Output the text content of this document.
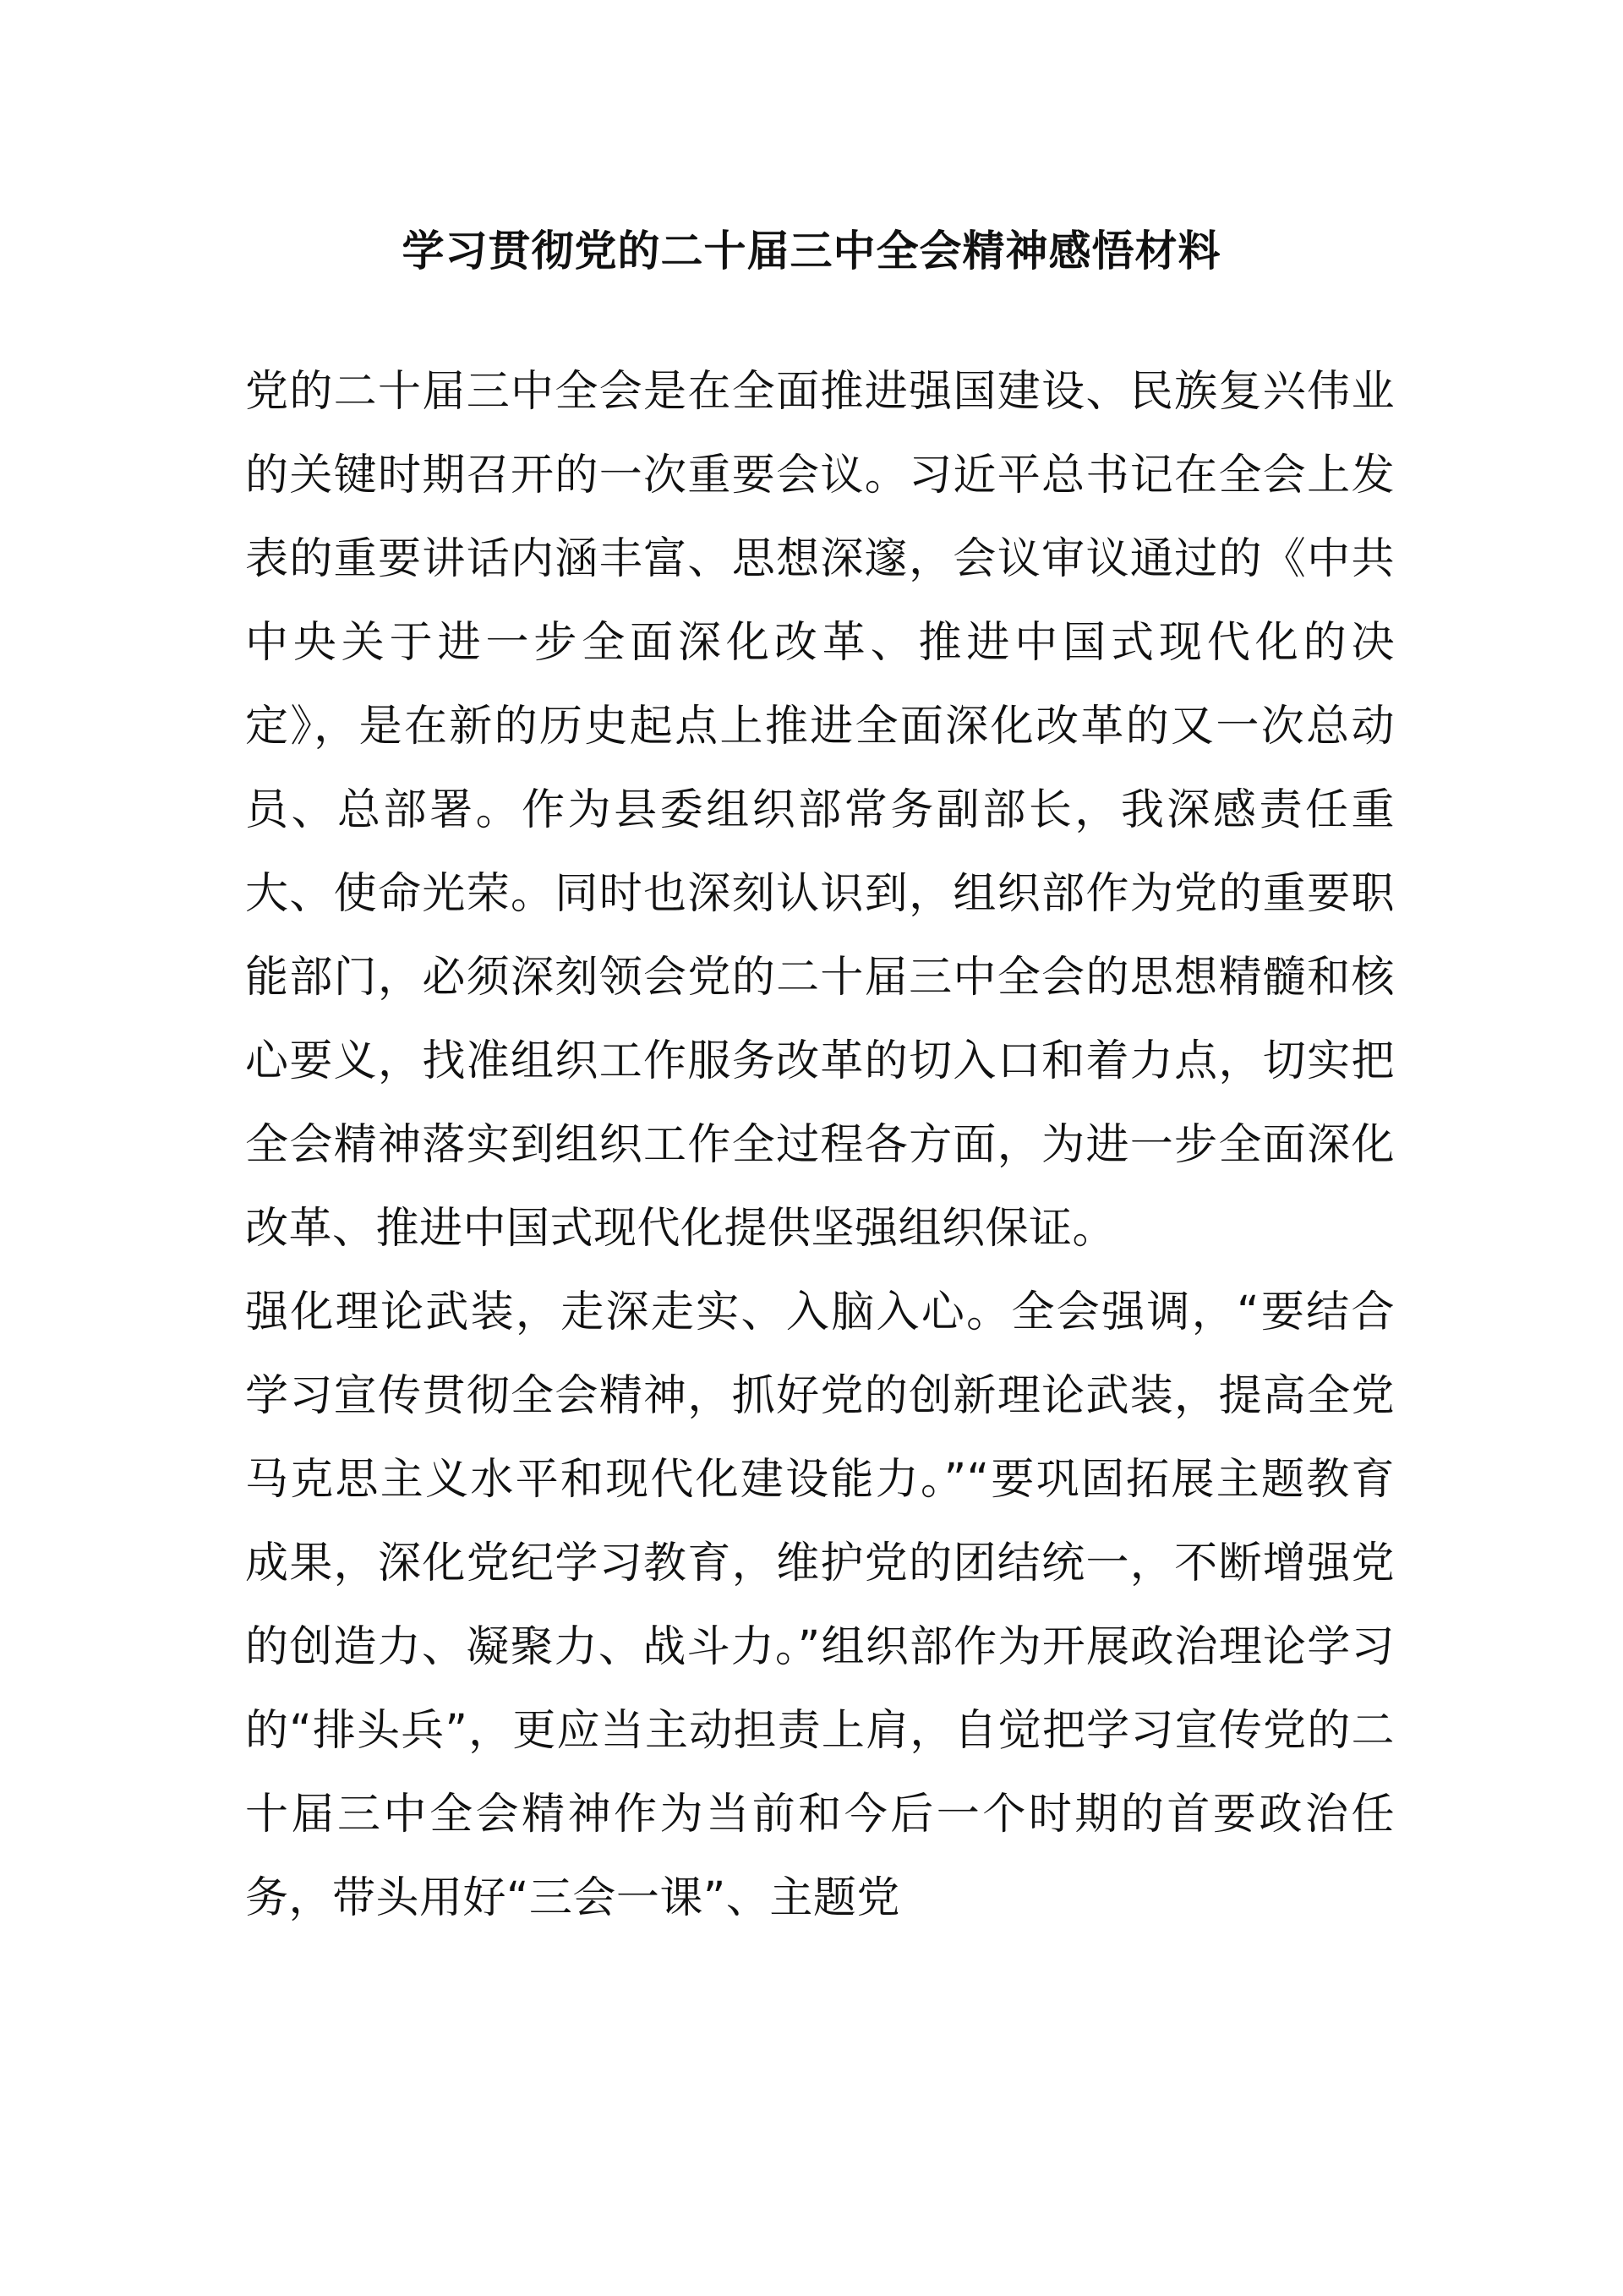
学习贯彻党的二十届三中全会精神感悟材料

党的二十届三中全会是在全面推进强国建设、民族复兴伟业的关键时期召开的一次重要会议。习近平总书记在全会上发表的重要讲话内涵丰富、思想深邃，会议审议通过的《中共中央关于进一步全面深化改革、推进中国式现代化的决定》，是在新的历史起点上推进全面深化改革的又一次总动员、总部署。作为县委组织部常务副部长，我深感责任重大、使命光荣。同时也深刻认识到，组织部作为党的重要职能部门，必须深刻领会党的二十届三中全会的思想精髓和核心要义，找准组织工作服务改革的切入口和着力点，切实把全会精神落实到组织工作全过程各方面，为进一步全面深化改革、推进中国式现代化提供坚强组织保证。

强化理论武装，走深走实、入脑入心。全会强调，“要结合学习宣传贯彻全会精神，抓好党的创新理论武装，提高全党马克思主义水平和现代化建设能力。”“要巩固拓展主题教育成果，深化党纪学习教育，维护党的团结统一，不断增强党的创造力、凝聚力、战斗力。”组织部作为开展政治理论学习的“排头兵”，更应当主动担责上肩，自觉把学习宣传党的二十届三中全会精神作为当前和今后一个时期的首要政治任务，带头用好“三会一课”、主题党
